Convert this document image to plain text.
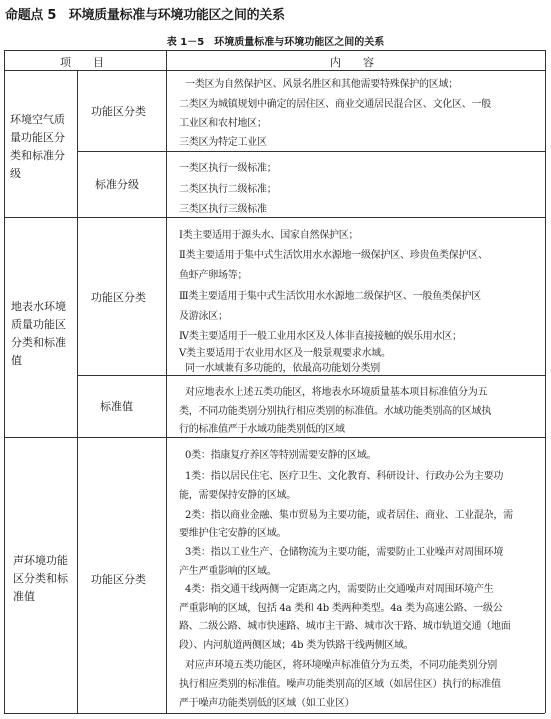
命题点 5　环境质量标准与环境功能区之间的关系
表 1－5　环境质量标准与环境功能区之间的关系
项　　目	内　　容
环境空气质量功能区分类和标准分级
功能区分类
一类区为自然保护区、风景名胜区和其他需要特殊保护的区域；
二类区为城镇规划中确定的居住区、商业交通居民混合区、文化区、一般
工业区和农村地区；
三类区为特定工业区
标准分级
一类区执行一级标准；
二类区执行二级标准；
三类区执行三级标准
地表水环境质量功能区分类和标准值
功能区分类
Ⅰ类主要适用于源头水、国家自然保护区；
Ⅱ类主要适用于集中式生活饮用水水源地一级保护区、珍贵鱼类保护区、
鱼虾产卵场等；
Ⅲ类主要适用于集中式生活饮用水水源地二级保护区、一般鱼类保护区
及游泳区；
Ⅳ类主要适用于一般工业用水区及人体非直接接触的娱乐用水区；
Ⅴ类主要适用于农业用水区及一般景观要求水域。
同一水域兼有多功能的，依最高功能划分类别
标准值
对应地表水上述五类功能区，将地表水环境质量基本项目标准值分为五
类，不同功能类别分别执行相应类别的标准值。水域功能类别高的区域执
行的标准值严于水域功能类别低的区域
声环境功能区分类和标准值
功能区分类
0类：指康复疗养区等特别需要安静的区域。
1类：指以居民住宅、医疗卫生、文化教育、科研设计、行政办公为主要功
能，需要保持安静的区域。
2类：指以商业金融、集市贸易为主要功能，或者居住、商业、工业混杂，需
要维护住宅安静的区域。
3类：指以工业生产、仓储物流为主要功能，需要防止工业噪声对周围环境
产生严重影响的区域。
4类：指交通干线两侧一定距离之内，需要防止交通噪声对周围环境产生
严重影响的区域，包括 4a 类和 4b 类两种类型。4a 类为高速公路、一级公
路、二级公路、城市快速路、城市主干路、城市次干路、城市轨道交通（地面
段）、内河航道两侧区域；4b 类为铁路干线两侧区域。
对应声环境五类功能区，将环境噪声标准值分为五类，不同功能类别分别
执行相应类别的标准值。噪声功能类别高的区域（如居住区）执行的标准值
严于噪声功能类别低的区域（如工业区）
